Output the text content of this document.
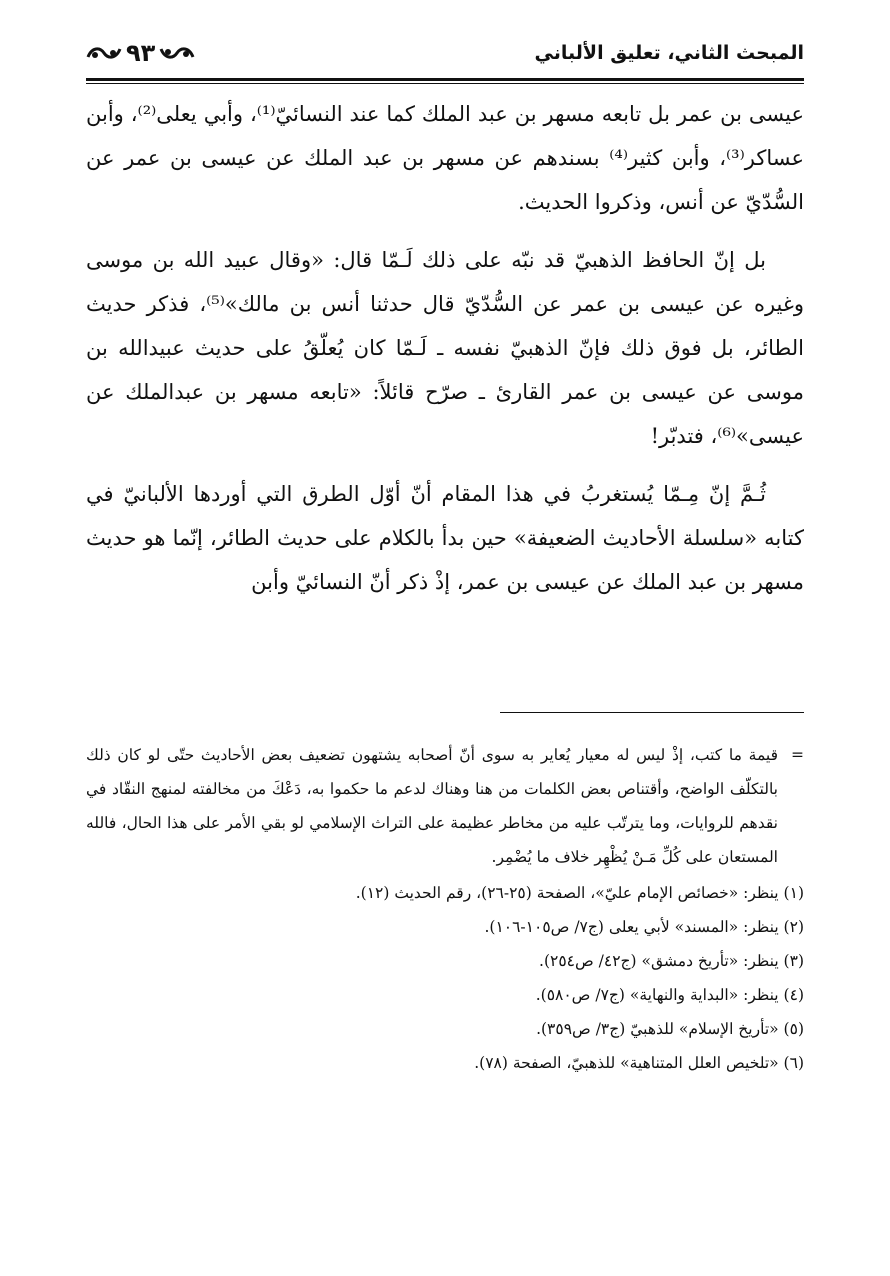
المبحث الثاني، تعليق الألباني
٩٣

عيسى بن عمر بل تابعه مسهر بن عبد الملك كما عند النسائيّ⁽¹⁾، وأبي يعلى⁽²⁾، وأبن عساكر⁽³⁾، وأبن كثير⁽⁴⁾ بسندهم عن مسهر بن عبد الملك عن عيسى بن عمر عن السُّدّيّ عن أنس، وذكروا الحديث.

بل إنّ الحافظ الذهبيّ قد نبّه على ذلك لَـمّا قال: «وقال عبيد الله بن موسى وغيره عن عيسى بن عمر عن السُّدّيّ قال حدثنا أنس بن مالك»⁽⁵⁾، فذكر حديث الطائر، بل فوق ذلك فإنّ الذهبيّ نفسه ـ لَـمّا كان يُعلّقُ على حديث عبيدالله بن موسى عن عيسى بن عمر القارئ ـ صرّح قائلاً: «تابعه مسهر بن عبدالملك عن عيسى»⁽⁶⁾، فتدبّر!

ثُـمَّ إنّ مِـمّا يُستغربُ في هذا المقام أنّ أوّل الطرق التي أوردها الألبانيّ في كتابه «سلسلة الأحاديث الضعيفة» حين بدأ بالكلام على حديث الطائر، إنّما هو حديث مسهر بن عبد الملك عن عيسى بن عمر، إذْ ذكر أنّ النسائيّ وأبن

=
قيمة ما كتب، إذْ ليس له معيار يُعاير به سوى أنّ أصحابه يشتهون تضعيف بعض الأحاديث حتّى لو كان ذلك بالتكلّف الواضح، وأقتناص بعض الكلمات من هنا وهناك لدعم ما حكموا به، دَعْكَ من مخالفته لمنهج النقّاد في نقدهم للروايات، وما يترتّب عليه من مخاطر عظيمة على التراث الإسلامي لو بقي الأمر على هذا الحال، فالله المستعان على كُلِّ مَـنْ يُظْهِر خلاف ما يُضْمِر.

(١) ينظر: «خصائص الإمام عليّ»، الصفحة (٢٥-٢٦)، رقم الحديث (١٢).

(٢) ينظر: «المسند» لأبي يعلى (ج٧/ ص١٠٥-١٠٦).

(٣) ينظر: «تأريخ دمشق» (ج٤٢/ ص٢٥٤).

(٤) ينظر: «البداية والنهاية» (ج٧/ ص٥٨٠).

(٥) «تأريخ الإسلام» للذهبيّ (ج٣/ ص٣٥٩).

(٦) «تلخيص العلل المتناهية» للذهبيّ، الصفحة (٧٨).
